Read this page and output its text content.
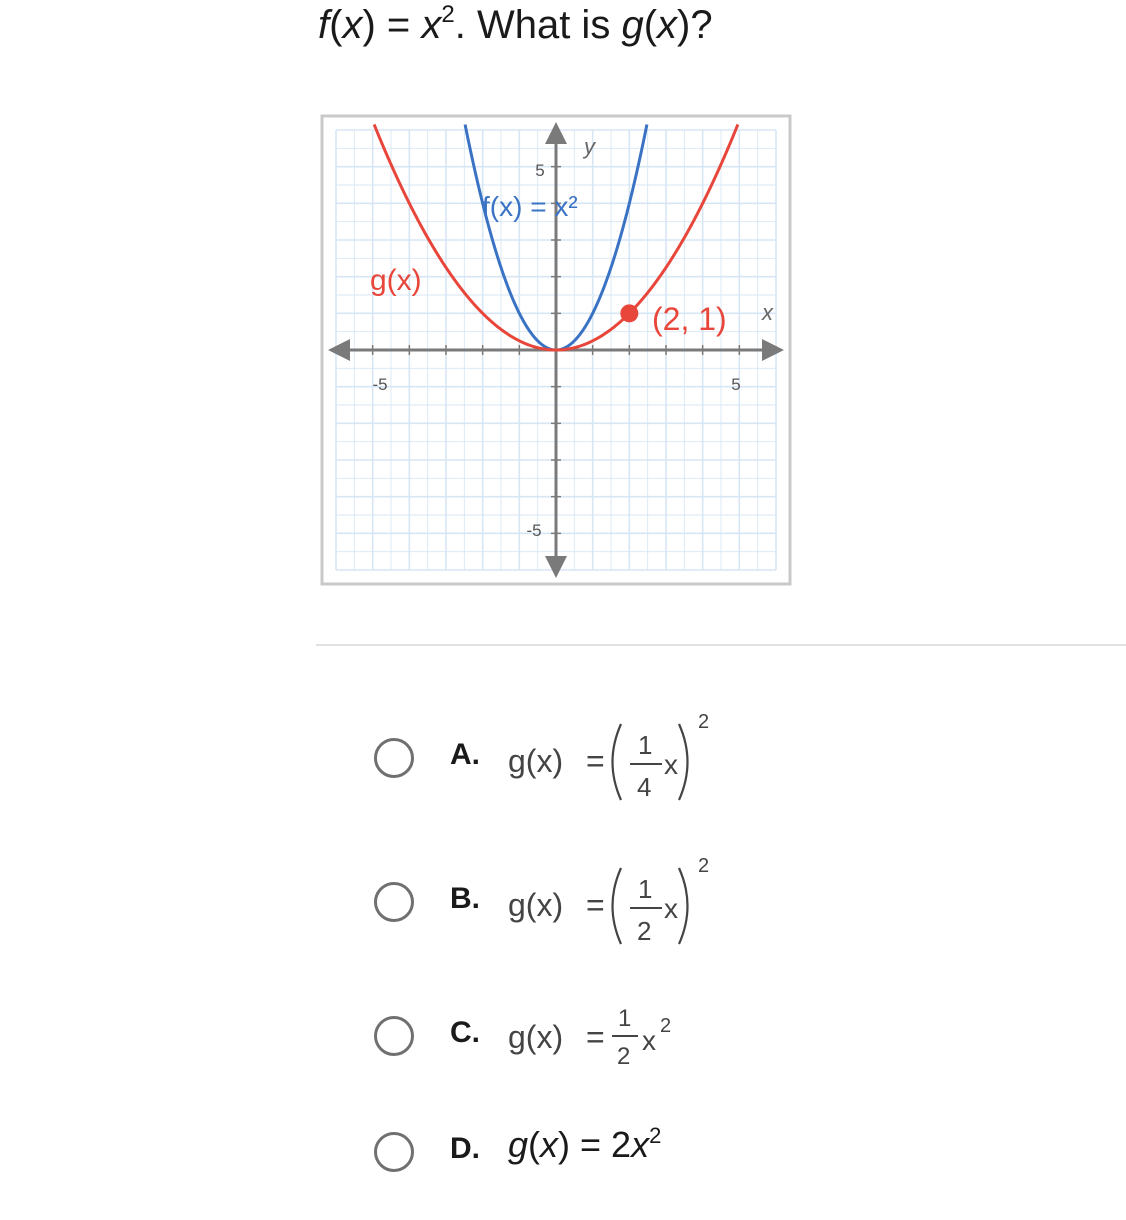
$f(x) = x^2$. What is g(x)?
-5	5
5
-5
y
x
f(x) = x²
g(x)
(2, 1)
A. g(x) = 1
4
x
2
B. g(x) = 1
2
x
2
C. g(x) =
1
2
x 2
D. $g(x) = 2x^2$
